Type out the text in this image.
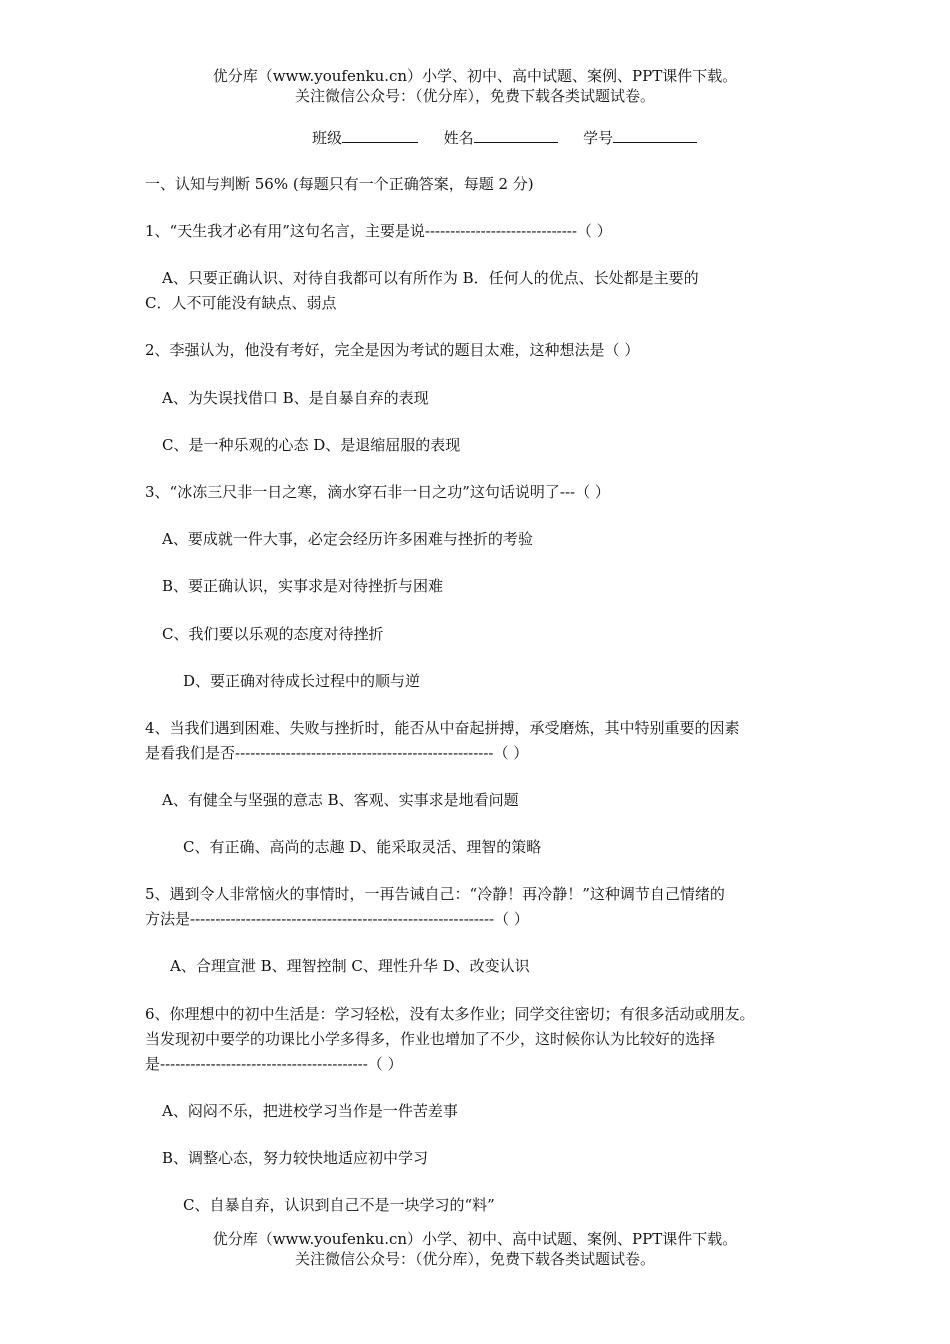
优分库（www.youfenku.cn）小学、初中、高中试题、案例、PPT课件下载。
关注微信公众号：（优分库），免费下载各类试题试卷。
班级	姓名	学号
一、认知与判断 56% (每题只有一个正确答案，每题 2 分)
1、“天生我才必有用”这句名言，主要是说------------------------------（ ）
A、只要正确认识、对待自我都可以有所作为 B．任何人的优点、长处都是主要的
C．人不可能没有缺点、弱点
2、李强认为，他没有考好，完全是因为考试的题目太难，这种想法是（ ）
A、为失误找借口 B、是自暴自弃的表现
C、是一种乐观的心态 D、是退缩屈服的表现
3、“冰冻三尺非一日之寒，滴水穿石非一日之功”这句话说明了---（ ）
A、要成就一件大事，必定会经历许多困难与挫折的考验
B、要正确认识，实事求是对待挫折与困难
C、我们要以乐观的态度对待挫折
D、要正确对待成长过程中的顺与逆
4、当我们遇到困难、失败与挫折时，能否从中奋起拼搏，承受磨炼，其中特别重要的因素
是看我们是否---------------------------------------------------（ ）
A、有健全与坚强的意志 B、客观、实事求是地看问题
C、有正确、高尚的志趣 D、能采取灵活、理智的策略
5、遇到令人非常恼火的事情时，一再告诫自己：“冷静！再冷静！”这种调节自己情绪的
方法是------------------------------------------------------------（ ）
A、合理宣泄 B、理智控制 C、理性升华 D、改变认识
6、你理想中的初中生活是：学习轻松，没有太多作业；同学交往密切；有很多活动或朋友。
当发现初中要学的功课比小学多得多，作业也增加了不少，这时候你认为比较好的选择
是-----------------------------------------（ ）
A、闷闷不乐，把进校学习当作是一件苦差事
B、调整心态，努力较快地适应初中学习
C、自暴自弃，认识到自己不是一块学习的“料”
优分库（www.youfenku.cn）小学、初中、高中试题、案例、PPT课件下载。
关注微信公众号：（优分库），免费下载各类试题试卷。
